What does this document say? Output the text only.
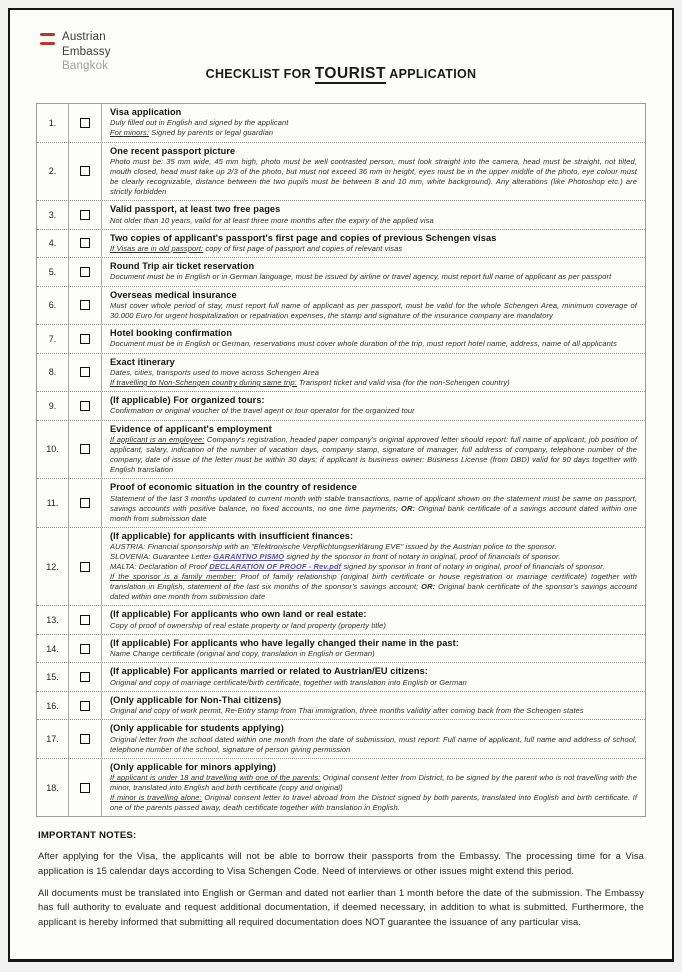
Austrian
Embassy
Bangkok
CHECKLIST FOR TOURIST APPLICATION
1.
Visa application
Duly filled out in English and signed by the applicant
For minors: Signed by parents or legal guardian
2.
One recent passport picture
Photo must be: 35 mm wide, 45 mm high, photo must be well contrasted person, must look straight into the camera, head must be straight, not tilted, mouth closed, head must take up 2/3 of the photo, but must not exceed 36 mm in height, eyes must be in the upper middle of the photo, eye colour must be clearly recognizable, distance between the two pupils must be between 8 and 10 mm, white background). Any alterations (like Photoshop etc.) are strictly forbidden
3.
Valid passport, at least two free pages
Not older than 10 years, valid for at least three more months after the expiry of the applied visa
4.
Two copies of applicant's passport's first page and copies of previous Schengen visas
If Visas are in old passport: copy of first page of passport and copies of relevant visas
5.
Round Trip air ticket reservation
Document must be in English or in German language, must be issued by airline or travel agency, must report full name of applicant as per passport
6.
Overseas medical insurance
Must cover whole period of stay, must report full name of applicant as per passport, must be valid for the whole Schengen Area, minimum coverage of 30.000 Euro for urgent hospitalization or repatriation expenses, the stamp and signature of the insurance company are mandatory
7.
Hotel booking confirmation
Document must be in English or German, reservations must cover whole duration of the trip, must report hotel name, address, name of all applicants
8.
Exact itinerary
Dates, cities, transports used to move across Schengen Area
If travelling to Non-Schengen country during same trip: Transport ticket and valid visa (for the non-Schengen country)
9.
(If applicable) For organized tours:
Confirmation or original voucher of the travel agent or tour operator for the organized tour
10.
Evidence of applicant's employment
If applicant is an employee: Company's registration, headed paper company's original approved letter should report: full name of applicant, job position of applicant, salary, indication of the number of vacation days, company stamp, signature of manager, full address of company, telephone number of the company, date of issue of the letter must be within 30 days; if applicant is business owner: Business License (from DBD) valid for 90 days together with English translation
11.
Proof of economic situation in the country of residence
Statement of the last 3 months updated to current month with stable transactions, name of applicant shown on the statement must be same on passport, savings accounts with positive balance, no fixed accounts, no one time payments; OR: Original bank certificate of a savings account dated within one month from submission date
12.
(If applicable) for applicants with insufficient finances:
AUSTRIA: Financial sponsorship with an "Elektronische Verpflichtungserklärung EVE" issued by the Austrian police to the sponsor.
SLOVENIA: Guarantee Letter GARANTNO PISMO signed by the sponsor in front of notary in original, proof of financials of sponsor.
MALTA: Declaration of Proof DECLARATION OF PROOF - Rev.pdf signed by sponsor in front of notary in original, proof of financials of sponsor.
If the sponsor is a family member: Proof of family relationship (original birth certificate or house registration or marriage certificate) together with translation in English, statement of the last six months of the sponsor's savings account; OR: Original bank certificate of the sponsor's savings account dated within one month from submission date
13.
(If applicable) For applicants who own land or real estate:
Copy of proof of ownership of real estate property or land property (property title)
14.
(If applicable) For applicants who have legally changed their name in the past:
Name Change certificate (original and copy, translation in English or German)
15.
(If applicable) For applicants married or related to Austrian/EU citizens:
Original and copy of marriage certificate/birth certificate, together with translation into English or German
16.
(Only applicable for Non-Thai citizens)
Original and copy of work permit, Re-Entry stamp from Thai immigration, three months validity after coming back from the Schengen states
17.
(Only applicable for students applying)
Original letter from the school dated within one month from the date of submission, must report: Full name of applicant, full name and address of school, telephone number of the school, signature of person giving permission
18.
(Only applicable for minors applying)
If applicant is under 18 and travelling with one of the parents: Original consent letter from District, to be signed by the parent who is not travelling with the minor, translated into English and birth certificate (copy and original)
If minor is travelling alone: Original consent letter to travel abroad from the District signed by both parents, translated into English and birth certificate. If one of the parents passed away, death certificate together with translation in English.
IMPORTANT NOTES:

After applying for the Visa, the applicants will not be able to borrow their passports from the Embassy. The processing time for a Visa application is 15 calendar days according to Visa Schengen Code. Need of interviews or other issues might extend this period.

All documents must be translated into English or German and dated not earlier than 1 month before the date of the submission. The Embassy has full authority to evaluate and request additional documentation, if deemed necessary, in addition to what is submitted. Furthermore, the applicant is hereby informed that submitting all required documentation does NOT guarantee the issuance of any particular visa.
